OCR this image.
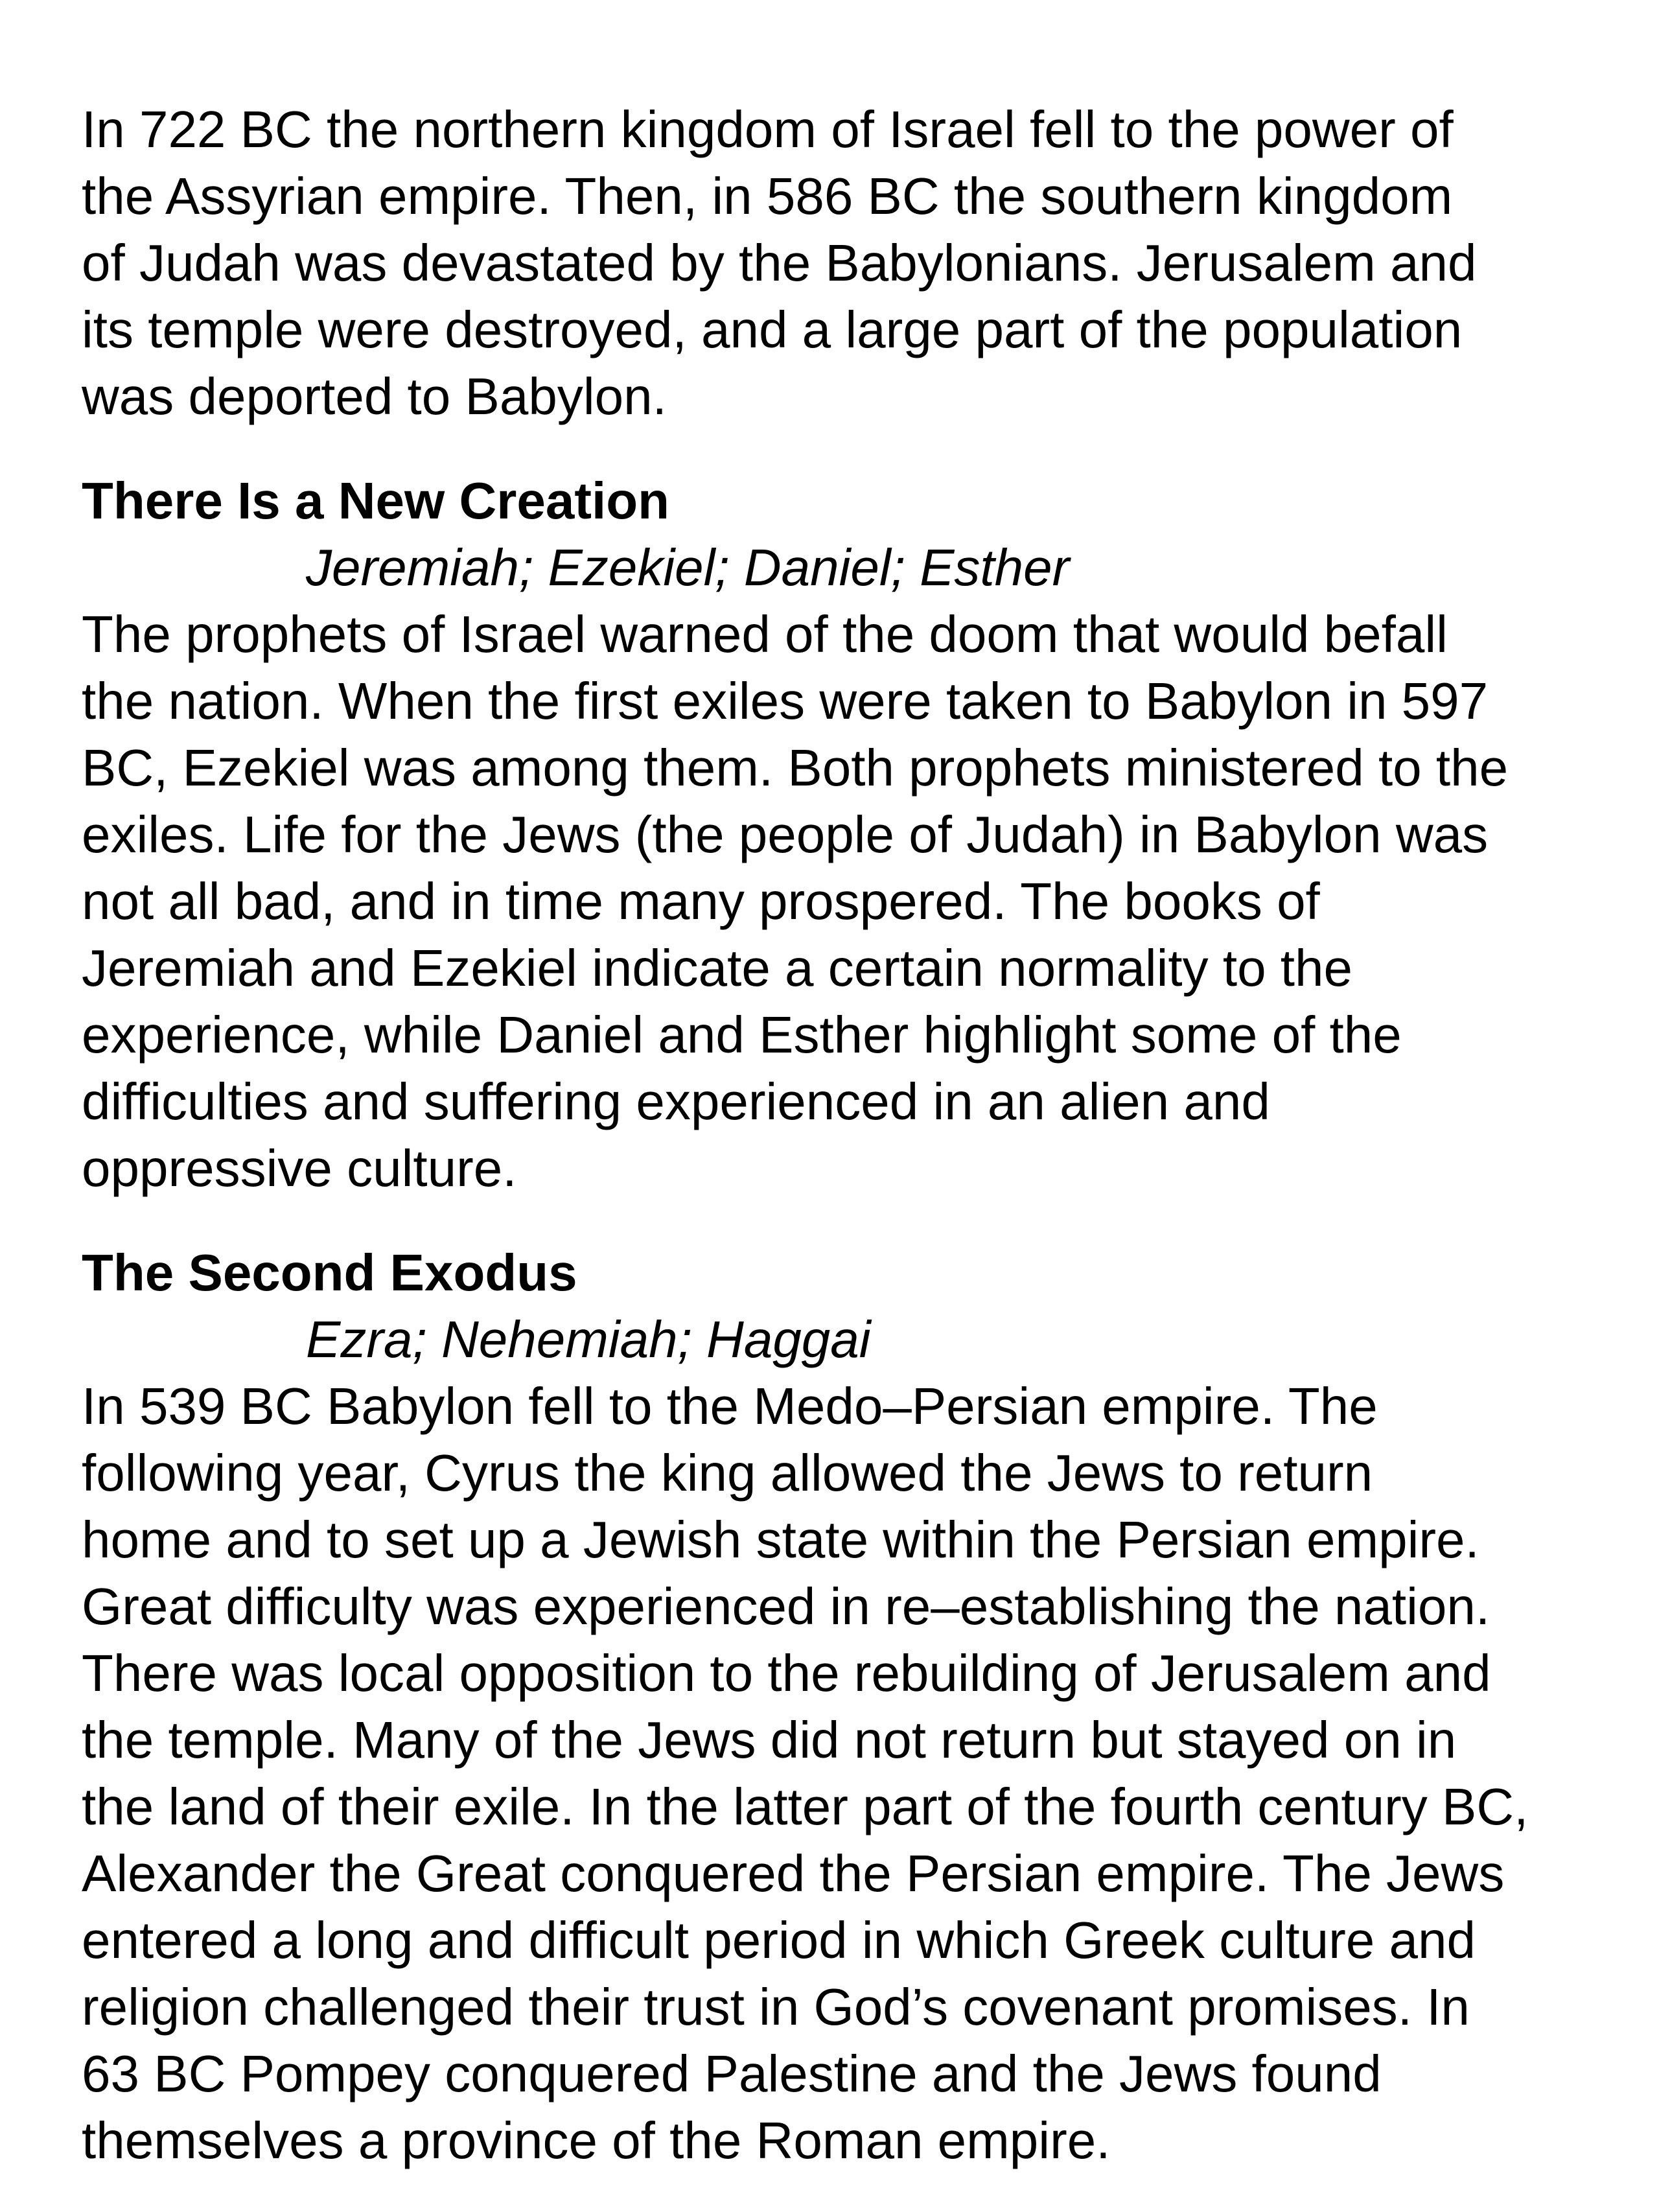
In 722 BC the northern kingdom of Israel fell to the power of
the Assyrian empire. Then, in 586 BC the southern kingdom
of Judah was devastated by the Babylonians. Jerusalem and
its temple were destroyed, and a large part of the population
was deported to Babylon.

There Is a New Creation
Jeremiah; Ezekiel; Daniel; Esther

The prophets of Israel warned of the doom that would befall
the nation. When the first exiles were taken to Babylon in 597
BC, Ezekiel was among them. Both prophets ministered to the
exiles. Life for the Jews (the people of Judah) in Babylon was
not all bad, and in time many prospered. The books of
Jeremiah and Ezekiel indicate a certain normality to the
experience, while Daniel and Esther highlight some of the
difficulties and suffering experienced in an alien and
oppressive culture.

The Second Exodus
Ezra; Nehemiah; Haggai

In 539 BC Babylon fell to the Medo–Persian empire. The
following year, Cyrus the king allowed the Jews to return
home and to set up a Jewish state within the Persian empire.
Great difficulty was experienced in re–establishing the nation.
There was local opposition to the rebuilding of Jerusalem and
the temple. Many of the Jews did not return but stayed on in
the land of their exile. In the latter part of the fourth century BC,
Alexander the Great conquered the Persian empire. The Jews
entered a long and difficult period in which Greek culture and
religion challenged their trust in God’s covenant promises. In
63 BC Pompey conquered Palestine and the Jews found
themselves a province of the Roman empire.
